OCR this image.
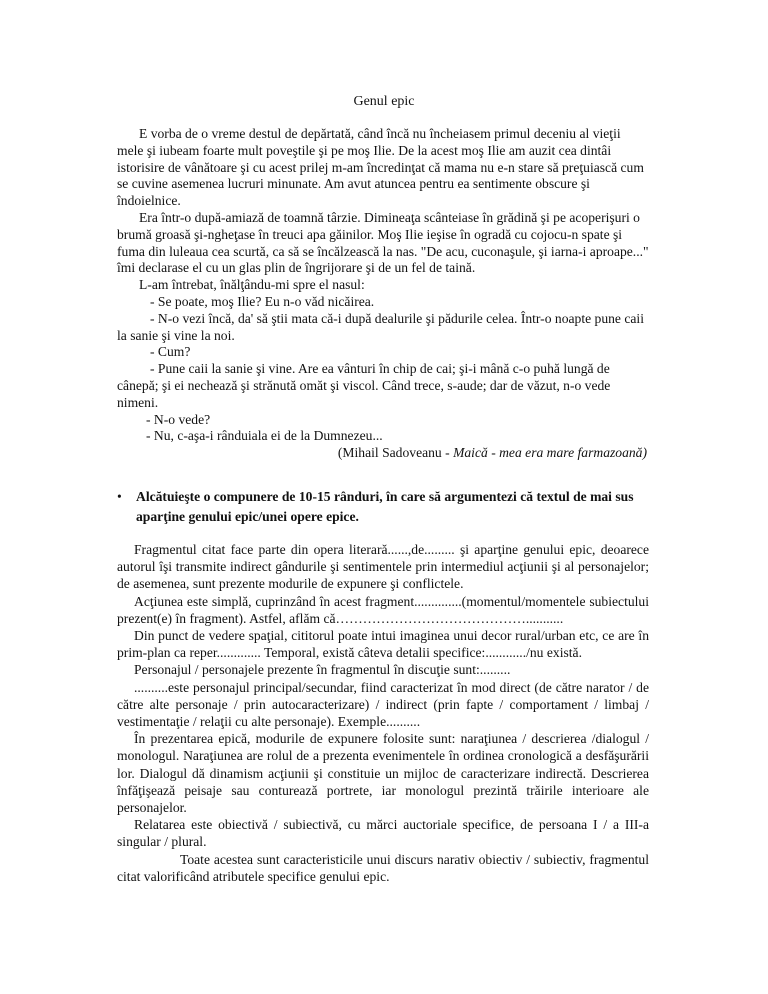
Genul epic

E vorba de o vreme destul de depărtată, când încă nu încheiasem primul deceniu al vieţii mele şi iubeam foarte mult poveştile şi pe moş Ilie. De la acest moş Ilie am auzit cea dintâi istorisire de vânătoare şi cu acest prilej m-am încredinţat că mama nu e-n stare să preţuiască cum se cuvine asemenea lucruri minunate. Am avut atuncea pentru ea sentimente obscure şi îndoielnice.

Era într-o după-amiază de toamnă târzie. Dimineaţa scânteiase în grădină şi pe acoperişuri o brumă groasă şi-ngheţase în treuci apa găinilor. Moş Ilie ieşise în ogradă cu cojocu-n spate şi fuma din luleaua cea scurtă, ca să se încălzească la nas. "De acu, cuconaşule, şi iarna-i aproape..." îmi declarase el cu un glas plin de îngrijorare şi de un fel de taină.

L-am întrebat, înălţându-mi spre el nasul:

- Se poate, moş Ilie? Eu n-o văd nicăirea.

- N-o vezi încă, da' să ştii mata că-i după dealurile şi pădurile celea. Într-o noapte pune caii la sanie şi vine la noi.

- Cum?

- Pune caii la sanie şi vine. Are ea vânturi în chip de cai; şi-i mână c-o puhă lungă de cânepă; şi ei nechează şi strănută omăt şi viscol. Când trece, s-aude; dar de văzut, n-o vede nimeni.

- N-o vede?

- Nu, c-aşa-i rânduiala ei de la Dumnezeu...

(Mihail Sadoveanu - Maică - mea era mare farmazoană)

• Alcătuieşte o compunere de 10-15 rânduri, în care să argumentezi că textul de mai sus aparţine genului epic/unei opere epice.

Fragmentul citat face parte din opera literară......,de......... şi aparţine genului epic, deoarece autorul îşi transmite indirect gândurile şi sentimentele prin intermediul acţiunii şi al personajelor; de asemenea, sunt prezente modurile de expunere şi conflictele.

Acţiunea este simplă, cuprinzând în acest fragment..............(momentul/momentele subiectului prezent(e) în fragment). Astfel, aflăm că……………………………………...........

Din punct de vedere spaţial, cititorul poate intui imaginea unui decor rural/urban etc, ce are în prim-plan ca reper............. Temporal, există câteva detalii specifice:............/nu există.

Personajul / personajele prezente în fragmentul în discuţie sunt:.........

..........este personajul principal/secundar, fiind caracterizat în mod direct (de către narator / de către alte personaje / prin autocaracterizare) / indirect (prin fapte / comportament / limbaj / vestimentaţie / relaţii cu alte personaje). Exemple..........

În prezentarea epică, modurile de expunere folosite sunt: naraţiunea / descrierea /dialogul / monologul. Naraţiunea are rolul de a prezenta evenimentele în ordinea cronologică a desfăşurării lor. Dialogul dă dinamism acţiunii şi constituie un mijloc de caracterizare indirectă. Descrierea înfăţişează peisaje sau conturează portrete, iar monologul prezintă trăirile interioare ale personajelor.

Relatarea este obiectivă / subiectivă, cu mărci auctoriale specifice, de persoana I / a III-a singular / plural.

Toate acestea sunt caracteristicile unui discurs narativ obiectiv / subiectiv, fragmentul citat valorificând atributele specifice genului epic.
